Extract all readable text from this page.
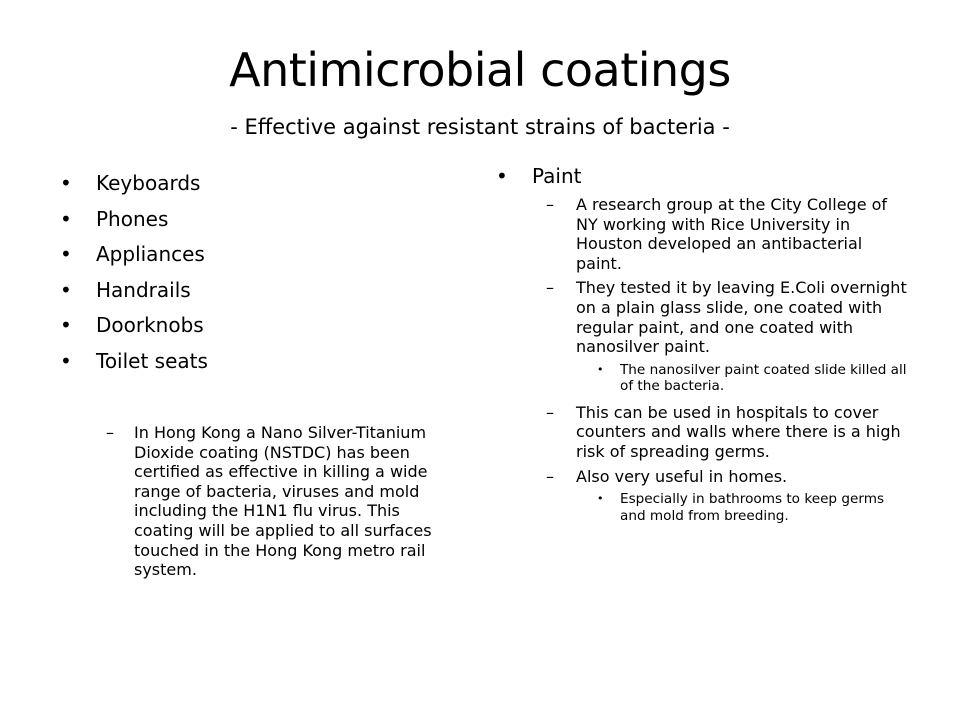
Antimicrobial coatings
- Effective against resistant strains of bacteria -
•	Keyboards
•	Phones
•	Appliances
•	Handrails
•	Doorknobs
•	Toilet seats
– In Hong Kong a Nano Silver-Titanium Dioxide coating (NSTDC) has been certified as effective in killing a wide range of bacteria, viruses and mold including the H1N1 flu virus. This coating will be applied to all surfaces touched in the Hong Kong metro rail system.
•	Paint
– A research group at the City College of NY working with Rice University in Houston developed an antibacterial paint.
– They tested it by leaving E.Coli overnight on a plain glass slide, one coated with regular paint, and one coated with nanosilver paint.
• The nanosilver paint coated slide killed all of the bacteria.
– This can be used in hospitals to cover counters and walls where there is a high risk of spreading germs.
– Also very useful in homes.
• Especially in bathrooms to keep germs and mold from breeding.
